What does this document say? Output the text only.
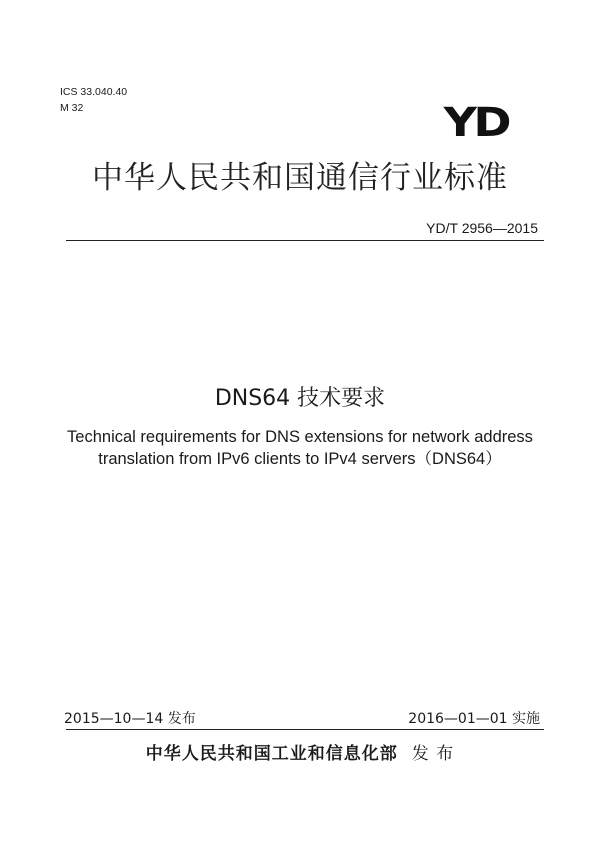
ICS 33.040.40
M 32	YD
中华人民共和国通信行业标准
YD/T 2956—2015
DNS64 技术要求
Technical requirements for DNS extensions for network address
translation from IPv6 clients to IPv4 servers（DNS64）
2015—10—14 发布	2016—01—01 实施
中华人民共和国工业和信息化部 发 布
